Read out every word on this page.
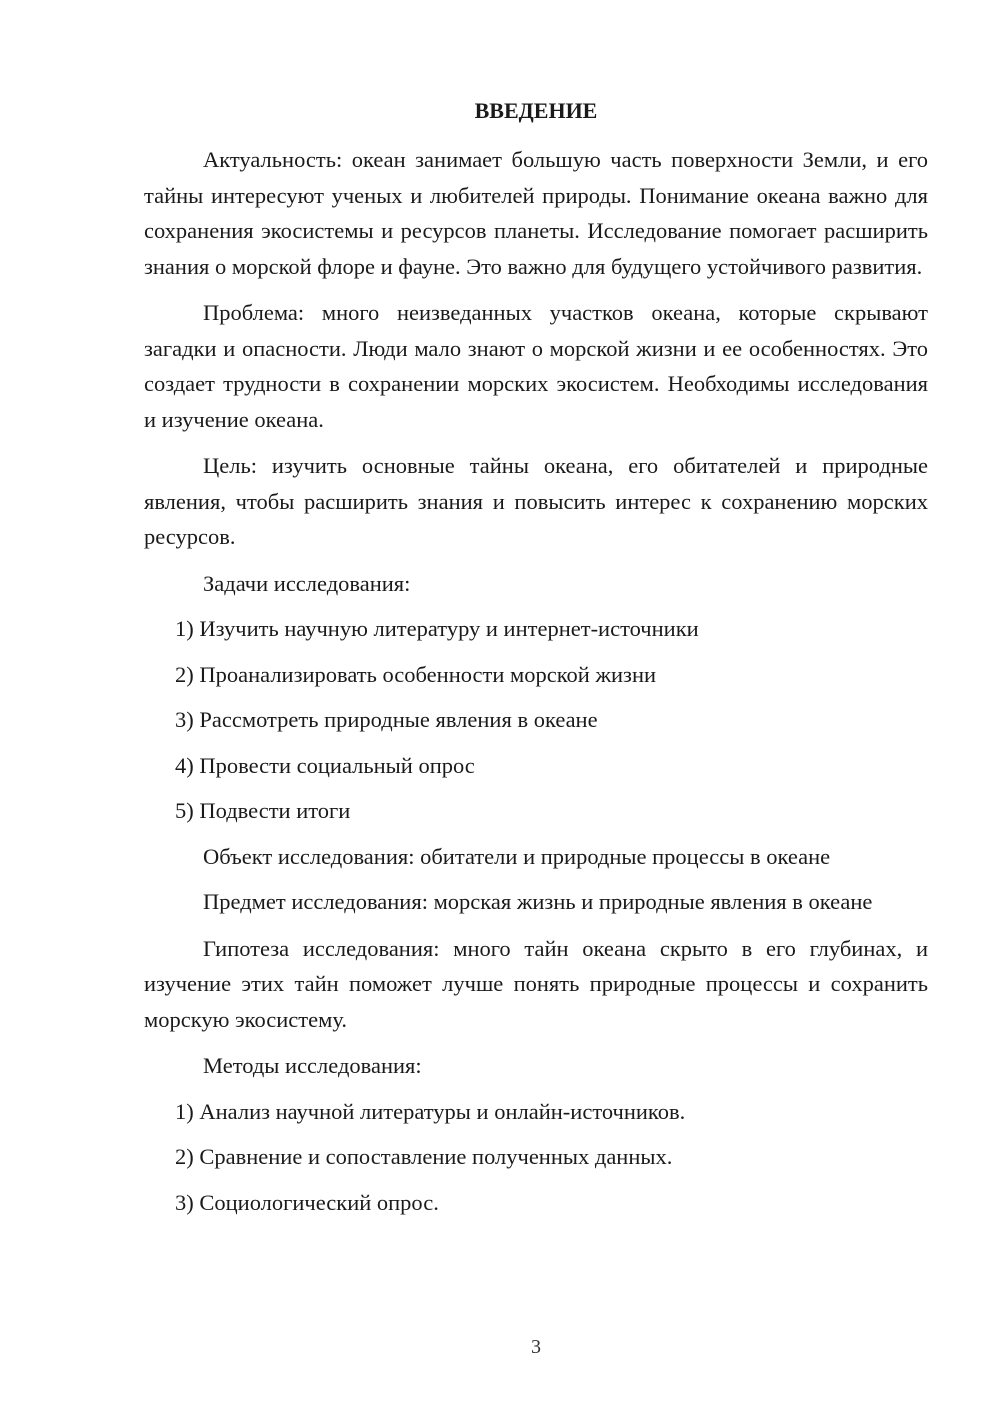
ВВЕДЕНИЕ

Актуальность: океан занимает большую часть поверхности Земли, и его тайны интересуют ученых и любителей природы. Понимание океана важно для сохранения экосистемы и ресурсов планеты. Исследование помогает расширить знания о морской флоре и фауне. Это важно для будущего устойчивого развития.

Проблема: много неизведанных участков океана, которые скрывают загадки и опасности. Люди мало знают о морской жизни и ее особенностях. Это создает трудности в сохранении морских экосистем. Необходимы исследования и изучение океана.

Цель: изучить основные тайны океана, его обитателей и природные явления, чтобы расширить знания и повысить интерес к сохранению морских ресурсов.

Задачи исследования:

1) Изучить научную литературу и интернет-источники

2) Проанализировать особенности морской жизни

3) Рассмотреть природные явления в океане

4) Провести социальный опрос

5) Подвести итоги

Объект исследования: обитатели и природные процессы в океане

Предмет исследования: морская жизнь и природные явления в океане

Гипотеза исследования: много тайн океана скрыто в его глубинах, и изучение этих тайн поможет лучше понять природные процессы и сохранить морскую экосистему.

Методы исследования:

1) Анализ научной литературы и онлайн-источников.

2) Сравнение и сопоставление полученных данных.

3) Социологический опрос.

3
